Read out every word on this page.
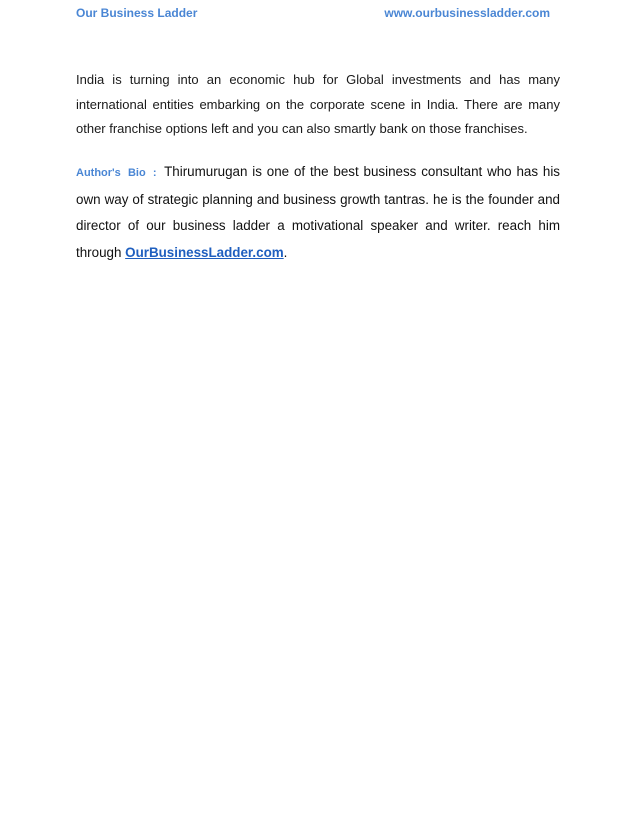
Our Business Ladder	www.ourbusinessladder.com
India is turning into an economic hub for Global investments and has many international entities embarking on the corporate scene in India. There are many other franchise options left and you can also smartly bank on those franchises.
Author's Bio : Thirumurugan is one of the best business consultant who has his own way of strategic planning and business growth tantras. he is the founder and director of our business ladder a motivational speaker and writer. reach him through OurBusinessLadder.com.
